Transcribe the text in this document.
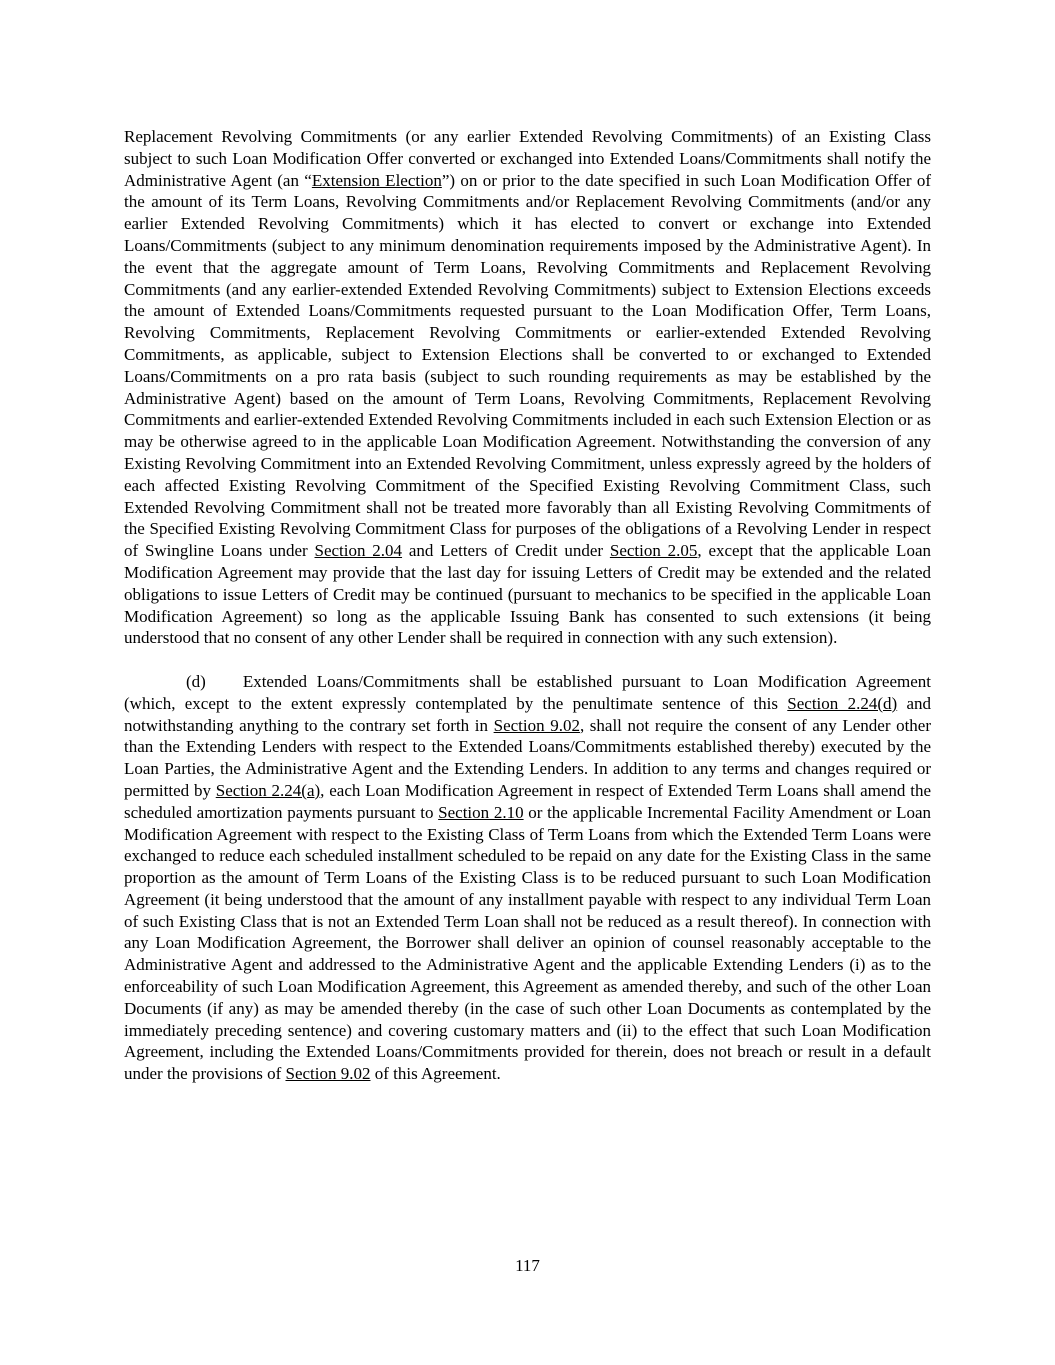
Replacement Revolving Commitments (or any earlier Extended Revolving Commitments) of an Existing Class subject to such Loan Modification Offer converted or exchanged into Extended Loans/Commitments shall notify the Administrative Agent (an “Extension Election”) on or prior to the date specified in such Loan Modification Offer of the amount of its Term Loans, Revolving Commitments and/or Replacement Revolving Commitments (and/or any earlier Extended Revolving Commitments) which it has elected to convert or exchange into Extended Loans/Commitments (subject to any minimum denomination requirements imposed by the Administrative Agent). In the event that the aggregate amount of Term Loans, Revolving Commitments and Replacement Revolving Commitments (and any earlier-extended Extended Revolving Commitments) subject to Extension Elections exceeds the amount of Extended Loans/Commitments requested pursuant to the Loan Modification Offer, Term Loans, Revolving Commitments, Replacement Revolving Commitments or earlier-extended Extended Revolving Commitments, as applicable, subject to Extension Elections shall be converted to or exchanged to Extended Loans/Commitments on a pro rata basis (subject to such rounding requirements as may be established by the Administrative Agent) based on the amount of Term Loans, Revolving Commitments, Replacement Revolving Commitments and earlier-extended Extended Revolving Commitments included in each such Extension Election or as may be otherwise agreed to in the applicable Loan Modification Agreement. Notwithstanding the conversion of any Existing Revolving Commitment into an Extended Revolving Commitment, unless expressly agreed by the holders of each affected Existing Revolving Commitment of the Specified Existing Revolving Commitment Class, such Extended Revolving Commitment shall not be treated more favorably than all Existing Revolving Commitments of the Specified Existing Revolving Commitment Class for purposes of the obligations of a Revolving Lender in respect of Swingline Loans under Section 2.04 and Letters of Credit under Section 2.05, except that the applicable Loan Modification Agreement may provide that the last day for issuing Letters of Credit may be extended and the related obligations to issue Letters of Credit may be continued (pursuant to mechanics to be specified in the applicable Loan Modification Agreement) so long as the applicable Issuing Bank has consented to such extensions (it being understood that no consent of any other Lender shall be required in connection with any such extension).

(d) Extended Loans/Commitments shall be established pursuant to Loan Modification Agreement (which, except to the extent expressly contemplated by the penultimate sentence of this Section 2.24(d) and notwithstanding anything to the contrary set forth in Section 9.02, shall not require the consent of any Lender other than the Extending Lenders with respect to the Extended Loans/Commitments established thereby) executed by the Loan Parties, the Administrative Agent and the Extending Lenders. In addition to any terms and changes required or permitted by Section 2.24(a), each Loan Modification Agreement in respect of Extended Term Loans shall amend the scheduled amortization payments pursuant to Section 2.10 or the applicable Incremental Facility Amendment or Loan Modification Agreement with respect to the Existing Class of Term Loans from which the Extended Term Loans were exchanged to reduce each scheduled installment scheduled to be repaid on any date for the Existing Class in the same proportion as the amount of Term Loans of the Existing Class is to be reduced pursuant to such Loan Modification Agreement (it being understood that the amount of any installment payable with respect to any individual Term Loan of such Existing Class that is not an Extended Term Loan shall not be reduced as a result thereof). In connection with any Loan Modification Agreement, the Borrower shall deliver an opinion of counsel reasonably acceptable to the Administrative Agent and addressed to the Administrative Agent and the applicable Extending Lenders (i) as to the enforceability of such Loan Modification Agreement, this Agreement as amended thereby, and such of the other Loan Documents (if any) as may be amended thereby (in the case of such other Loan Documents as contemplated by the immediately preceding sentence) and covering customary matters and (ii) to the effect that such Loan Modification Agreement, including the Extended Loans/Commitments provided for therein, does not breach or result in a default under the provisions of Section 9.02 of this Agreement.

117
